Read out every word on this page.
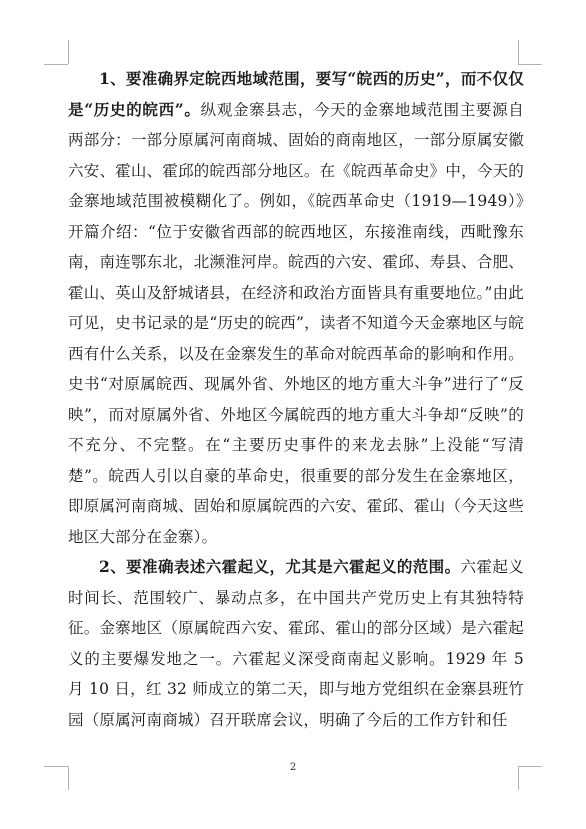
1、要准确界定皖西地域范围，要写“皖西的历史”，而不仅仅是“历史的皖西”。纵观金寨县志，今天的金寨地域范围主要源自两部分：一部分原属河南商城、固始的商南地区，一部分原属安徽六安、霍山、霍邱的皖西部分地区。在《皖西革命史》中，今天的金寨地域范围被模糊化了。例如，《皖西革命史（1919—1949）》开篇介绍：“位于安徽省西部的皖西地区，东接淮南线，西毗豫东南，南连鄂东北，北濒淮河岸。皖西的六安、霍邱、寿县、合肥、霍山、英山及舒城诸县，在经济和政治方面皆具有重要地位。”由此可见，史书记录的是“历史的皖西”，读者不知道今天金寨地区与皖西有什么关系，以及在金寨发生的革命对皖西革命的影响和作用。史书“对原属皖西、现属外省、外地区的地方重大斗争”进行了“反映”，而对原属外省、外地区今属皖西的地方重大斗争却“反映”的不充分、不完整。在“主要历史事件的来龙去脉”上没能“写清楚”。皖西人引以自豪的革命史，很重要的部分发生在金寨地区，即原属河南商城、固始和原属皖西的六安、霍邱、霍山（今天这些地区大部分在金寨）。

2、要准确表述六霍起义，尤其是六霍起义的范围。六霍起义时间长、范围较广、暴动点多，在中国共产党历史上有其独特特征。金寨地区（原属皖西六安、霍邱、霍山的部分区域）是六霍起义的主要爆发地之一。六霍起义深受商南起义影响。1929 年 5 月 10 日，红 32 师成立的第二天，即与地方党组织在金寨县班竹园（原属河南商城）召开联席会议，明确了今后的工作方针和任

2
